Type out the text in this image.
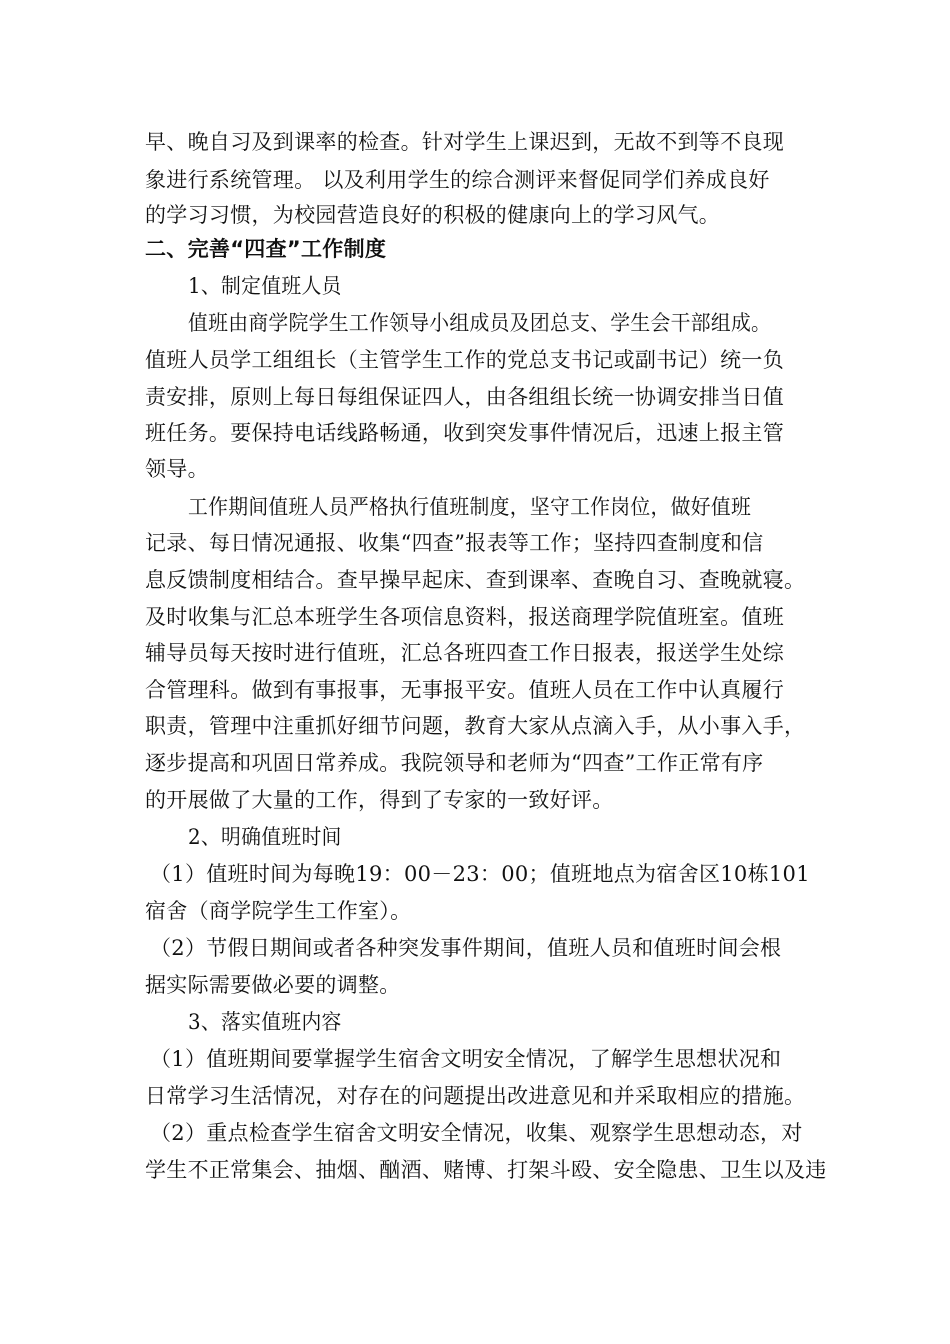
早、晚自习及到课率的检查。针对学生上课迟到，无故不到等不良现
象进行系统管理。 以及利用学生的综合测评来督促同学们养成良好
的学习习惯，为校园营造良好的积极的健康向上的学习风气。
二、完善“四查”工作制度
1、制定值班人员
值班由商学院学生工作领导小组成员及团总支、学生会干部组成。
值班人员学工组组长（主管学生工作的党总支书记或副书记）统一负
责安排，原则上每日每组保证四人，由各组组长统一协调安排当日值
班任务。要保持电话线路畅通，收到突发事件情况后，迅速上报主管
领导。
工作期间值班人员严格执行值班制度，坚守工作岗位，做好值班
记录、每日情况通报、收集“四查”报表等工作；坚持四查制度和信
息反馈制度相结合。查早操早起床、查到课率、查晚自习、查晚就寝。
及时收集与汇总本班学生各项信息资料，报送商理学院值班室。值班
辅导员每天按时进行值班，汇总各班四查工作日报表，报送学生处综
合管理科。做到有事报事，无事报平安。值班人员在工作中认真履行
职责，管理中注重抓好细节问题，教育大家从点滴入手，从小事入手，
逐步提高和巩固日常养成。我院领导和老师为“四查”工作正常有序
的开展做了大量的工作，得到了专家的一致好评。
2、明确值班时间
（1）值班时间为每晚19：00－23：00；值班地点为宿舍区10栋101
宿舍（商学院学生工作室）。
（2）节假日期间或者各种突发事件期间，值班人员和值班时间会根
据实际需要做必要的调整。
3、落实值班内容
（1）值班期间要掌握学生宿舍文明安全情况，了解学生思想状况和
日常学习生活情况，对存在的问题提出改进意见和并采取相应的措施。
（2）重点检查学生宿舍文明安全情况，收集、观察学生思想动态，对
学生不正常集会、抽烟、酗酒、赌博、打架斗殴、安全隐患、卫生以及违
